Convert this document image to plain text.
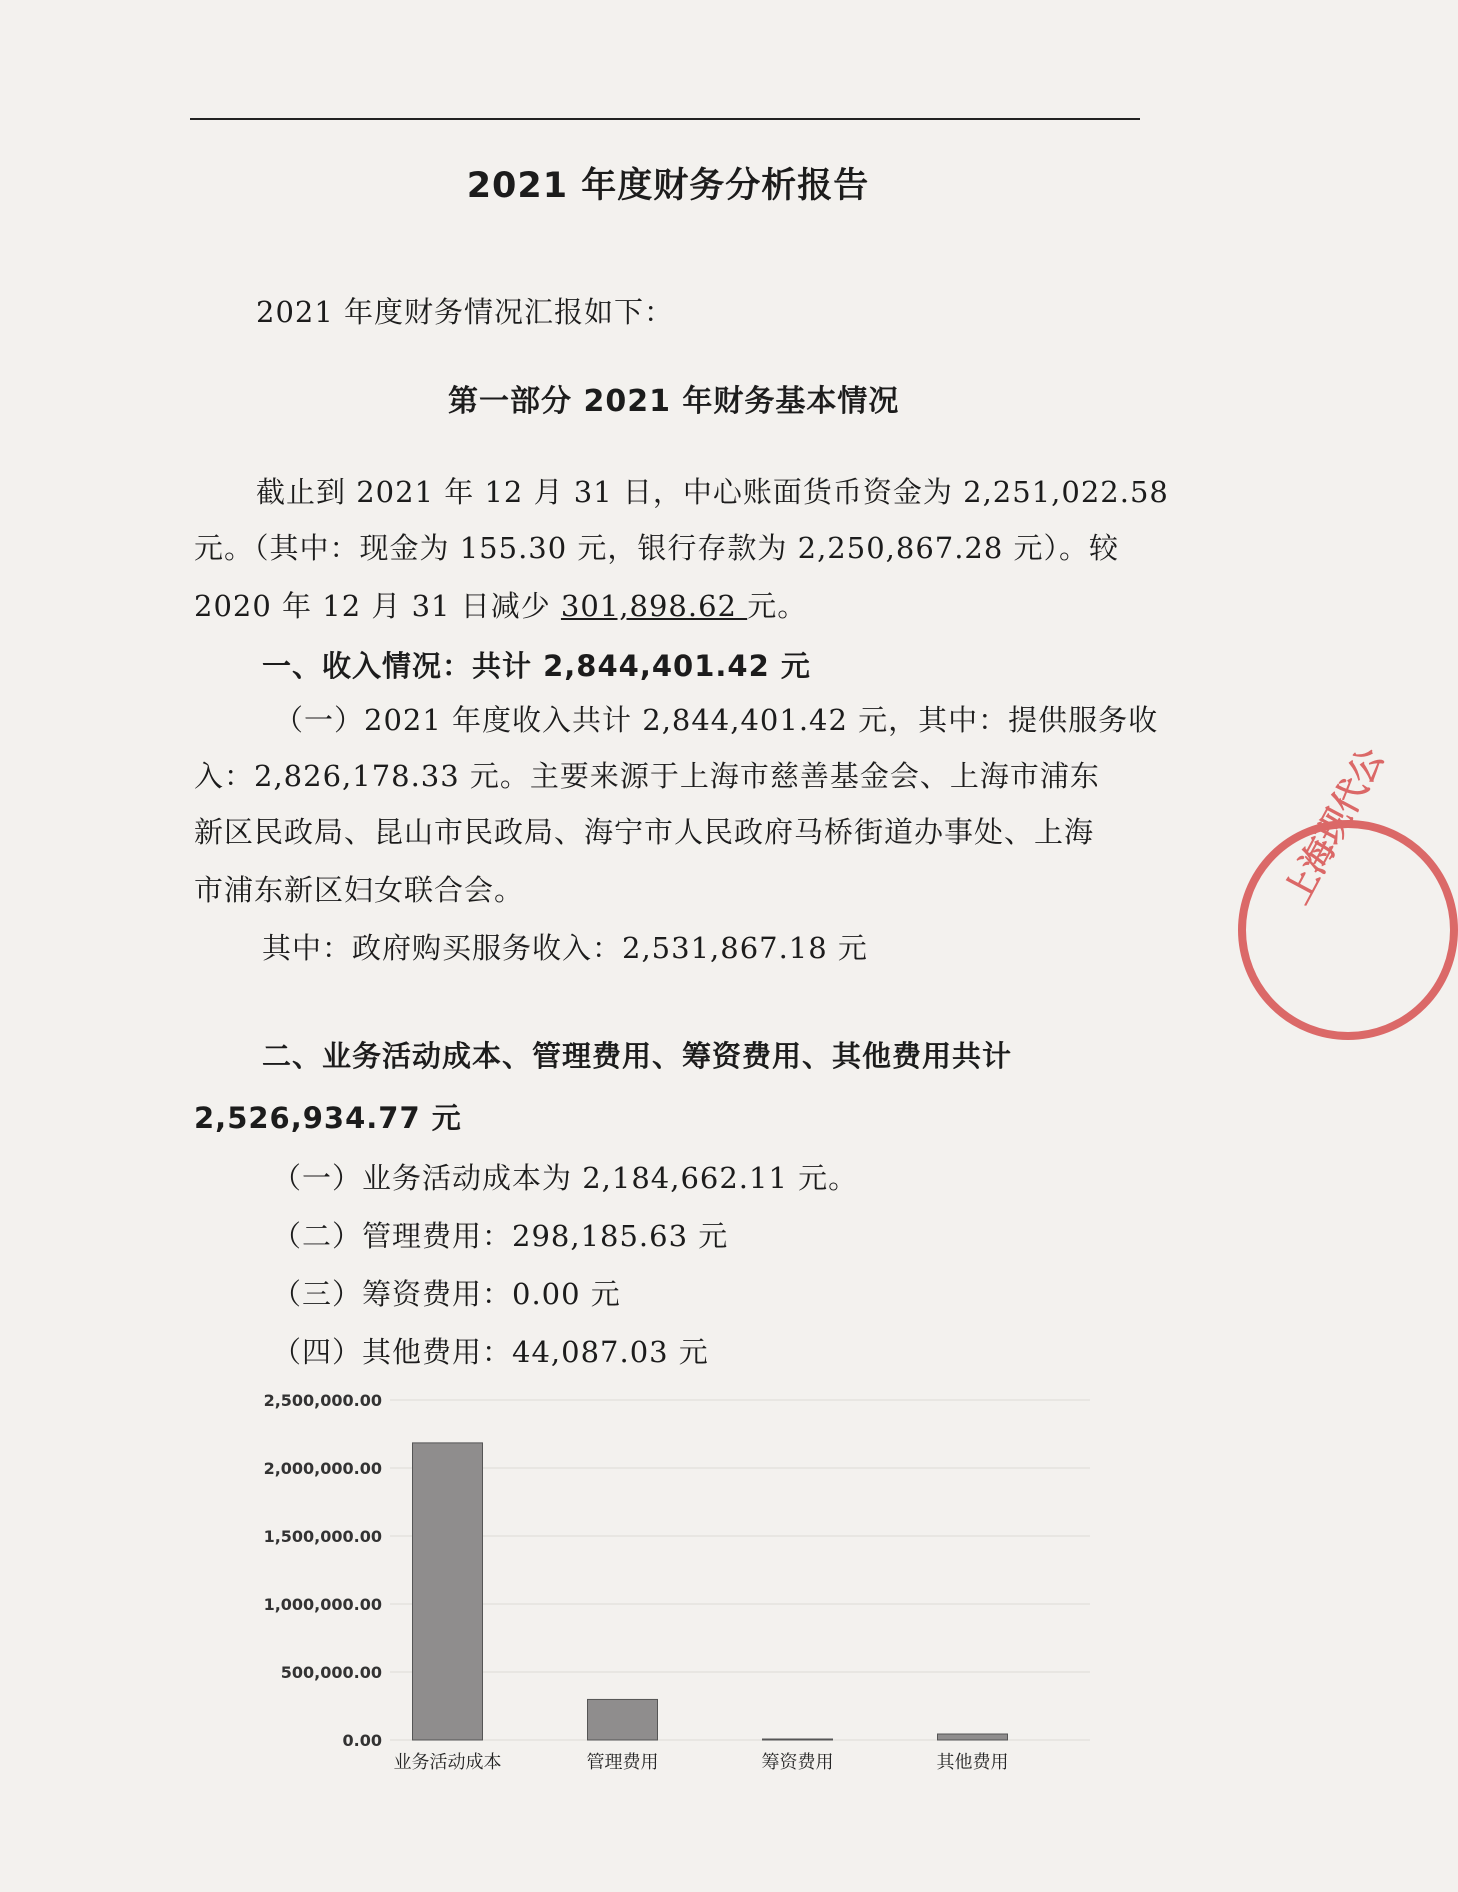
2021 年度财务分析报告
2021 年度财务情况汇报如下：
第一部分 2021 年财务基本情况
截止到 2021 年 12 月 31 日，中心账面货币资金为 2,251,022.58
元。（其中：现金为 155.30 元，银行存款为 2,250,867.28 元）。较
2020 年 12 月 31 日减少 301,898.62 元。
一、收入情况：共计 2,844,401.42 元
（一）2021 年度收入共计 2,844,401.42 元，其中：提供服务收
入：2,826,178.33 元。主要来源于上海市慈善基金会、上海市浦东
新区民政局、昆山市民政局、海宁市人民政府马桥街道办事处、上海
市浦东新区妇女联合会。
其中：政府购买服务收入：2,531,867.18 元
二、业务活动成本、管理费用、筹资费用、其他费用共计
2,526,934.77 元
（一）业务活动成本为 2,184,662.11 元。
（二）管理费用：298,185.63 元
（三）筹资费用：0.00 元
（四）其他费用：44,087.03 元
上海现代公
0.00
500,000.00
1,000,000.00
1,500,000.00
2,000,000.00
2,500,000.00
业务活动成本	管理费用	筹资费用	其他费用
